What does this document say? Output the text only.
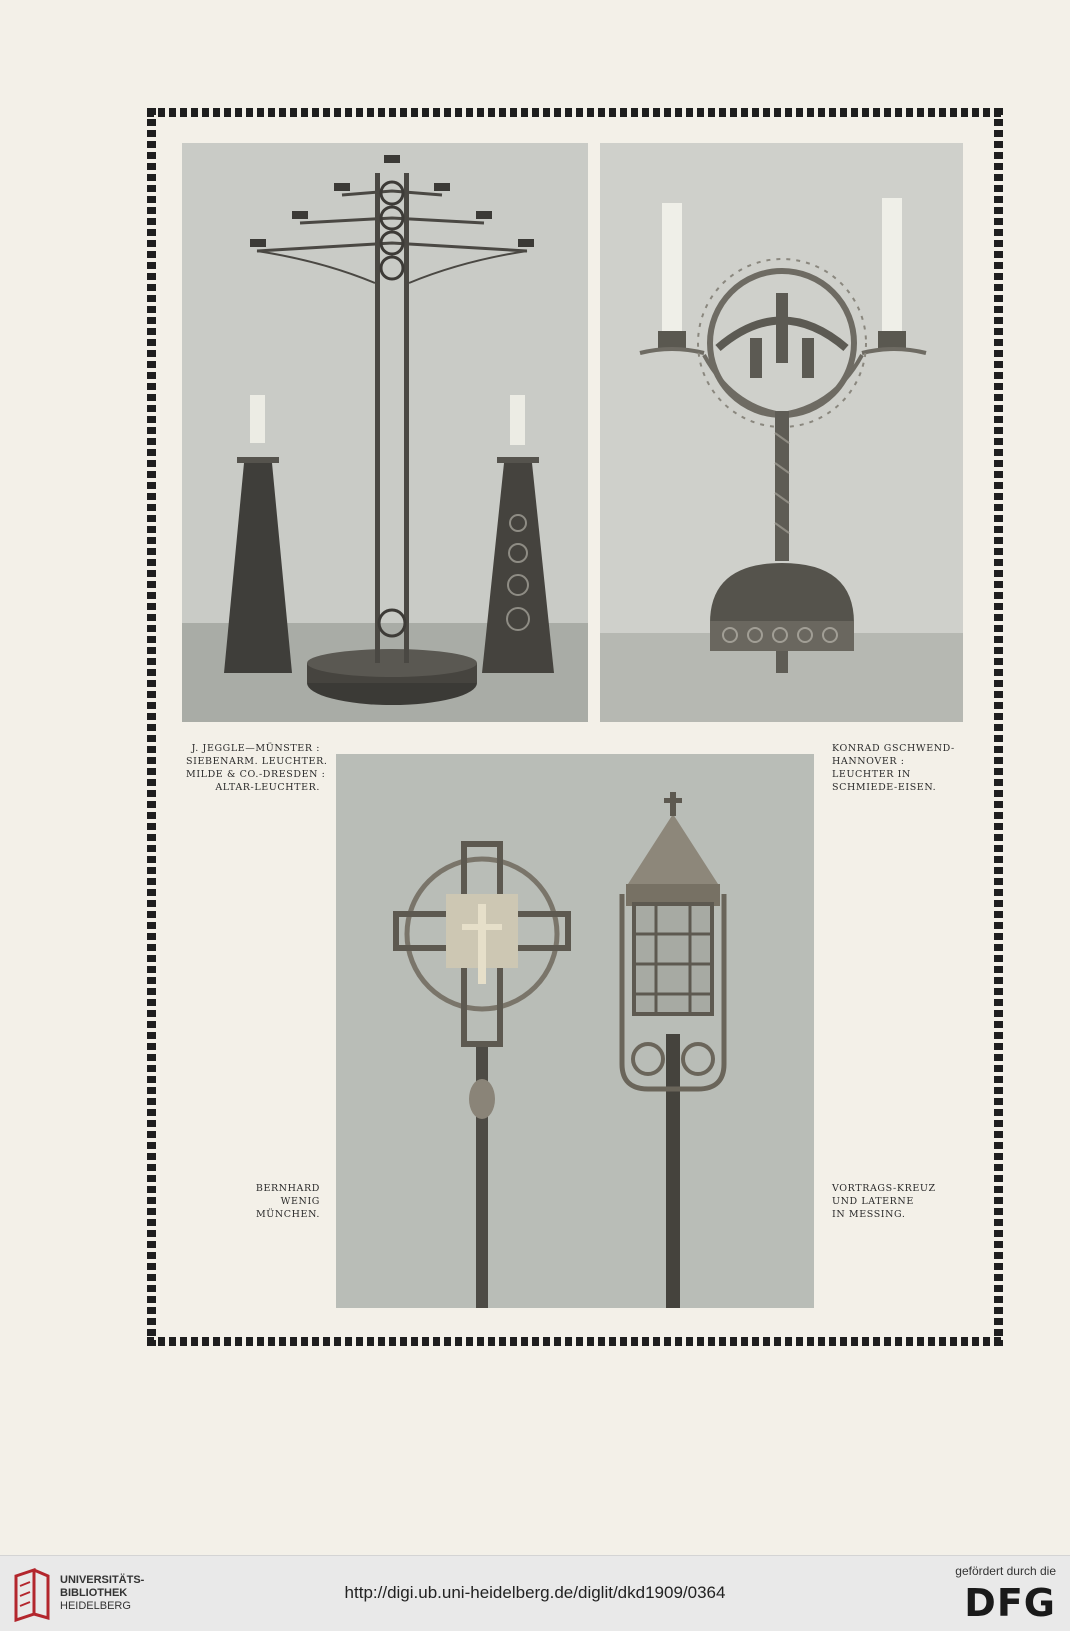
J. JEGGLE—MÜNSTER :
SIEBENARM. LEUCHTER.
MILDE & CO.-DRESDEN :
ALTAR-LEUCHTER.
KONRAD GSCHWEND-
HANNOVER :
LEUCHTER IN
SCHMIEDE-EISEN.
BERNHARD
WENIG
MÜNCHEN.
VORTRAGS-KREUZ
UND LATERNE
IN MESSING.
UNIVERSITÄTS-
BIBLIOTHEK
HEIDELBERG
http://digi.ub.uni-heidelberg.de/diglit/dkd1909/0364
gefördert durch die
DFG
